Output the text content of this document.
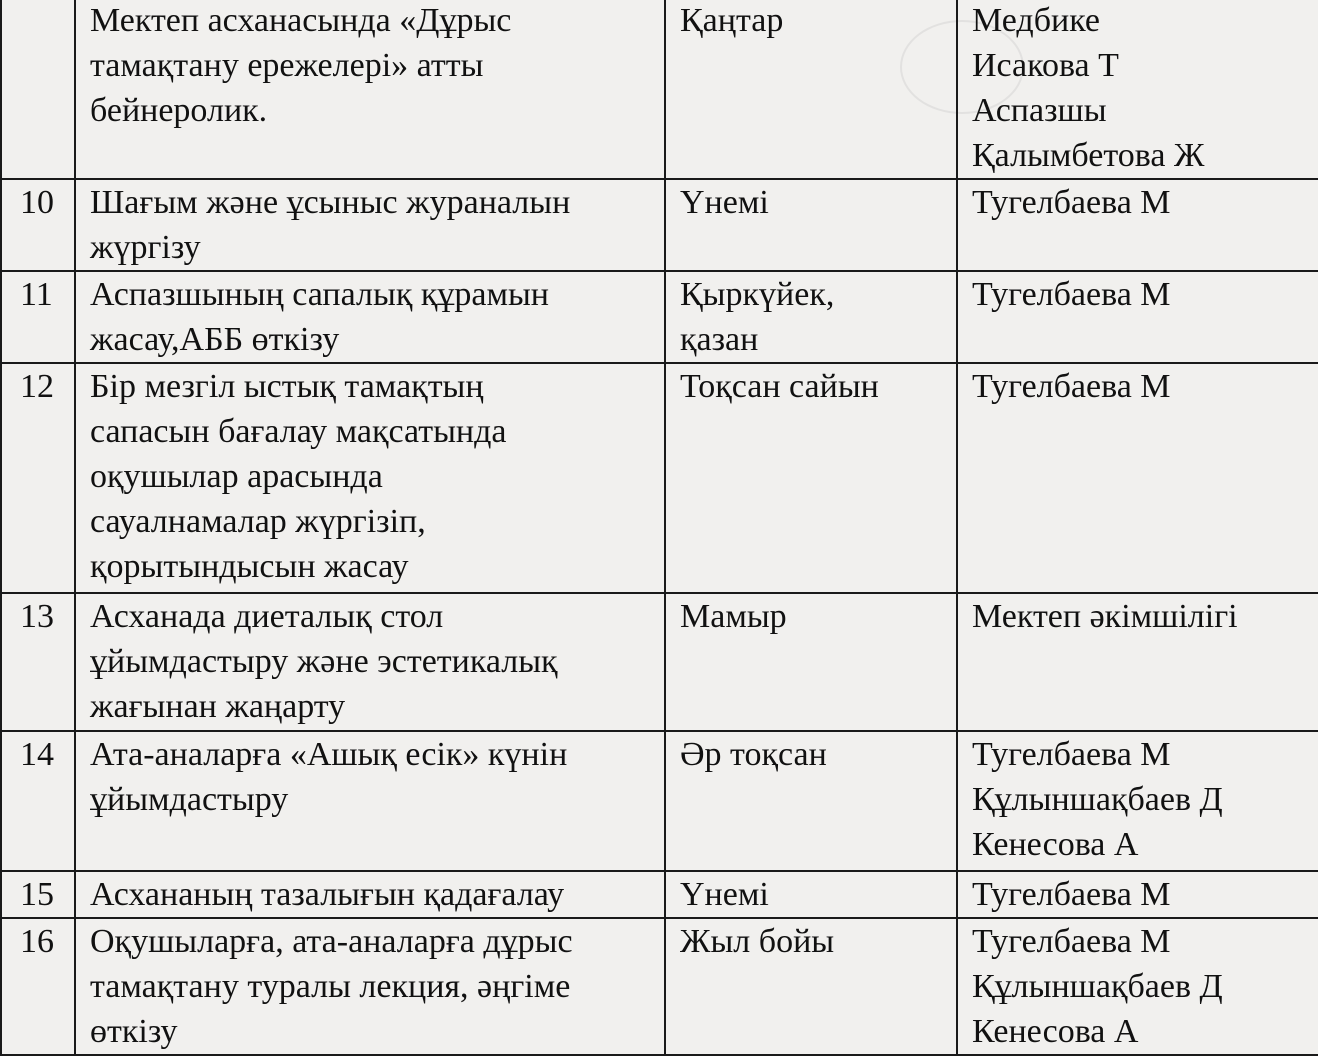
	Мектеп асханасында «Дұрыс
тамақтану ережелері» атты
бейнеролик.	Қаңтар	Медбике
Исакова Т
Аспазшы
Қалымбетова Ж

10	Шағым және ұсыныс жураналын
жүргізу	Үнемі	Тугелбаева М

11	Аспазшының сапалық құрамын
жасау,АББ өткізу	Қыркүйек,
қазан	Тугелбаева М

12	Бір мезгіл ыстық тамақтың
сапасын бағалау мақсатында
оқушылар арасында
сауалнамалар жүргізіп,
қорытындысын жасау	Тоқсан сайын	Тугелбаева М

13	Асханада диеталық стол
ұйымдастыру және эстетикалық
жағынан жаңарту	Мамыр	Мектеп әкімшілігі

14	Ата-аналарға «Ашық есік» күнін
ұйымдастыру	Әр тоқсан	Тугелбаева М
Құлыншақбаев Д
Кенесова А

15	Асхананың тазалығын қадағалау	Үнемі	Тугелбаева М

16	Оқушыларға, ата-аналарға дұрыс
тамақтану туралы лекция, әңгіме
өткізу	Жыл бойы	Тугелбаева М
Құлыншақбаев Д
Кенесова А
